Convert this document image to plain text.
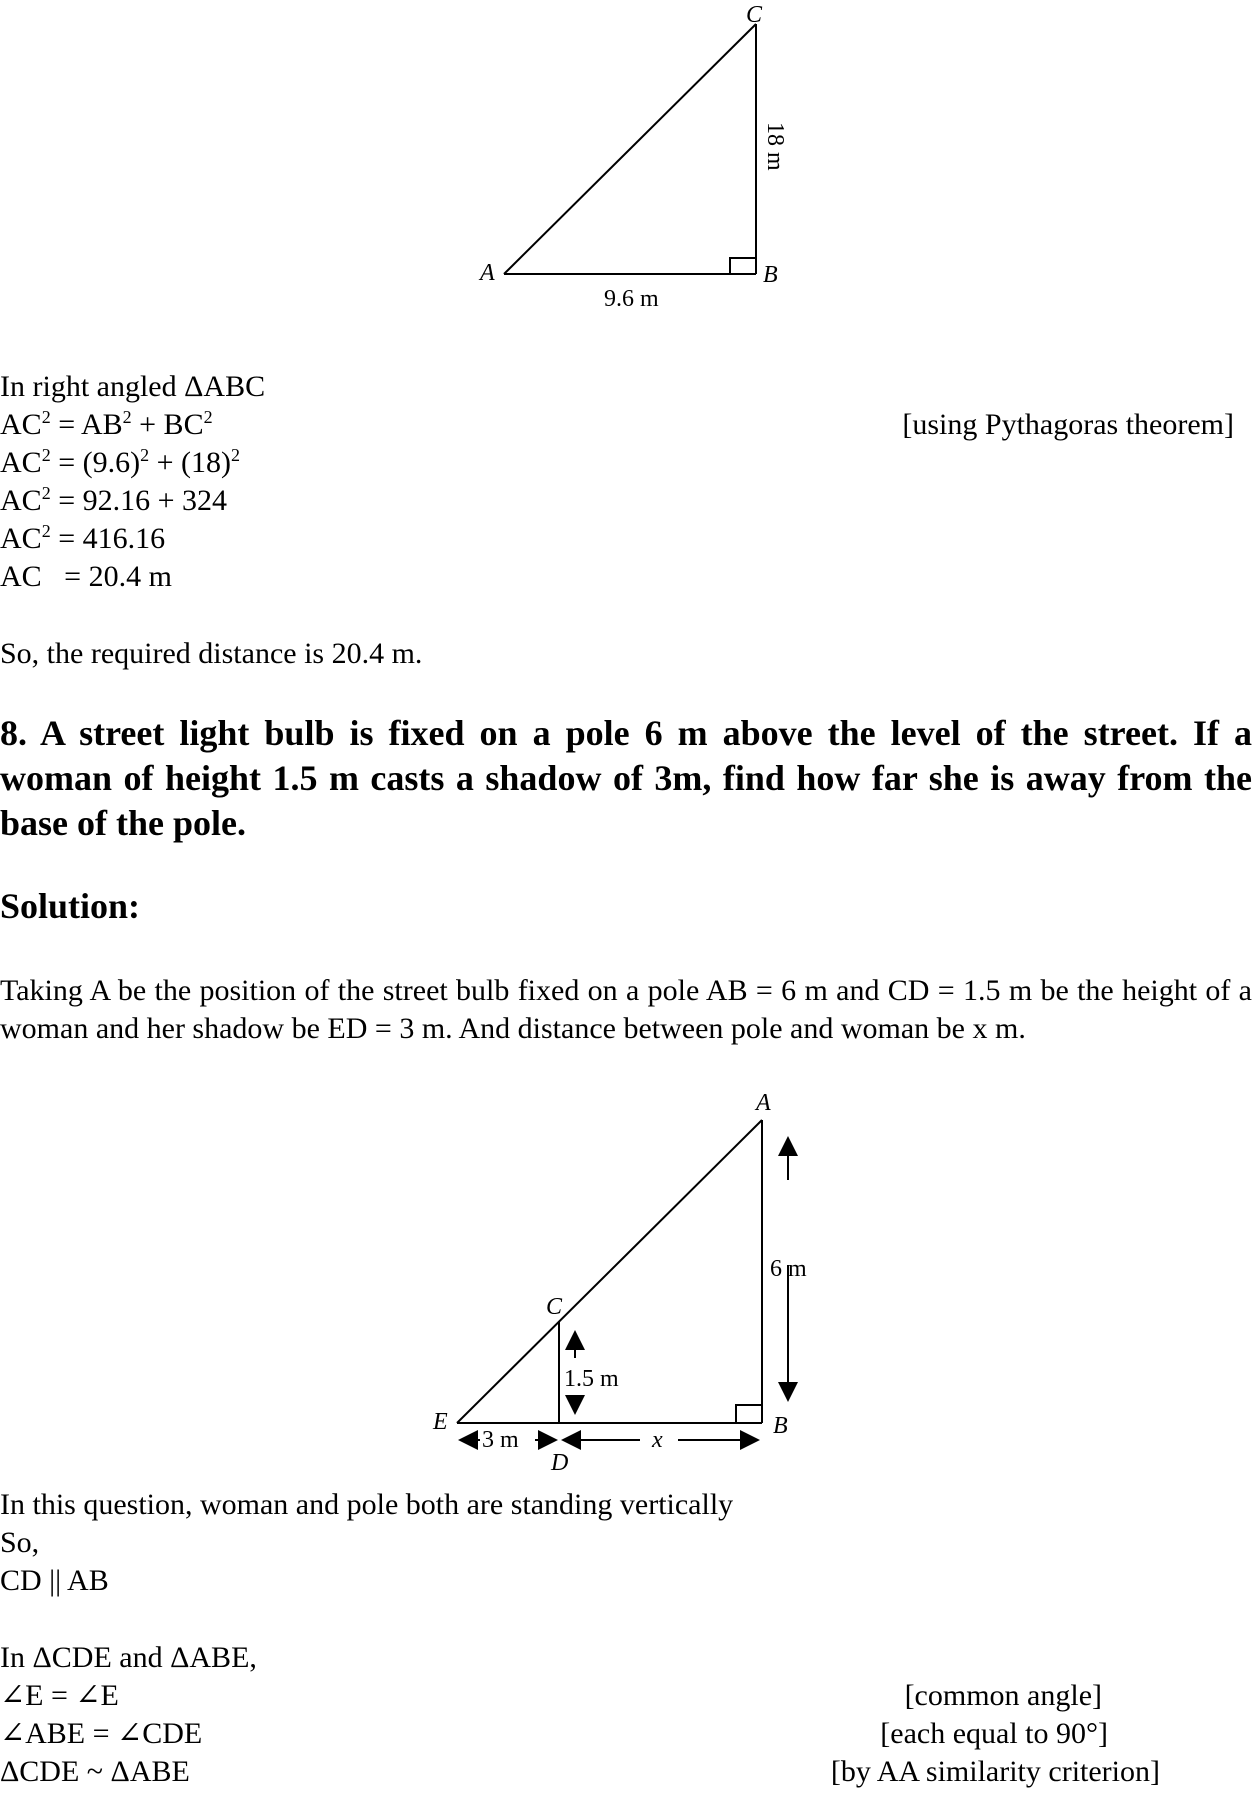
C
A	B
9.6 m
18 m
In right angled ΔABC
$AC^2 = AB^2 + BC^2$	[using Pythagoras theorem]
$AC^2 = (9.6)^2 + (18)^2$
$AC^2 = 92.16 + 324$
$AC^2 = 416.16$
AC   = 20.4 m
So, the required distance is 20.4 m.
8. A street light bulb is fixed on a pole 6 m above the level of the street. If a woman of height 1.5 m casts a shadow of 3m, find how far she is away from the base of the pole.
Solution:
Taking A be the position of the street bulb fixed on a pole AB = 6 m and CD = 1.5 m be the height of a woman and her shadow be ED = 3 m. And distance between pole and woman be x m.
A
B
C
D
E
6 m
1.5 m
3 m	x
In this question, woman and pole both are standing vertically
So,
CD || AB
In ΔCDE and ΔABE,
∠E = ∠E	[common angle]
∠ABE = ∠CDE	[each equal to 90°]
ΔCDE ~ ΔABE	[by AA similarity criterion]
